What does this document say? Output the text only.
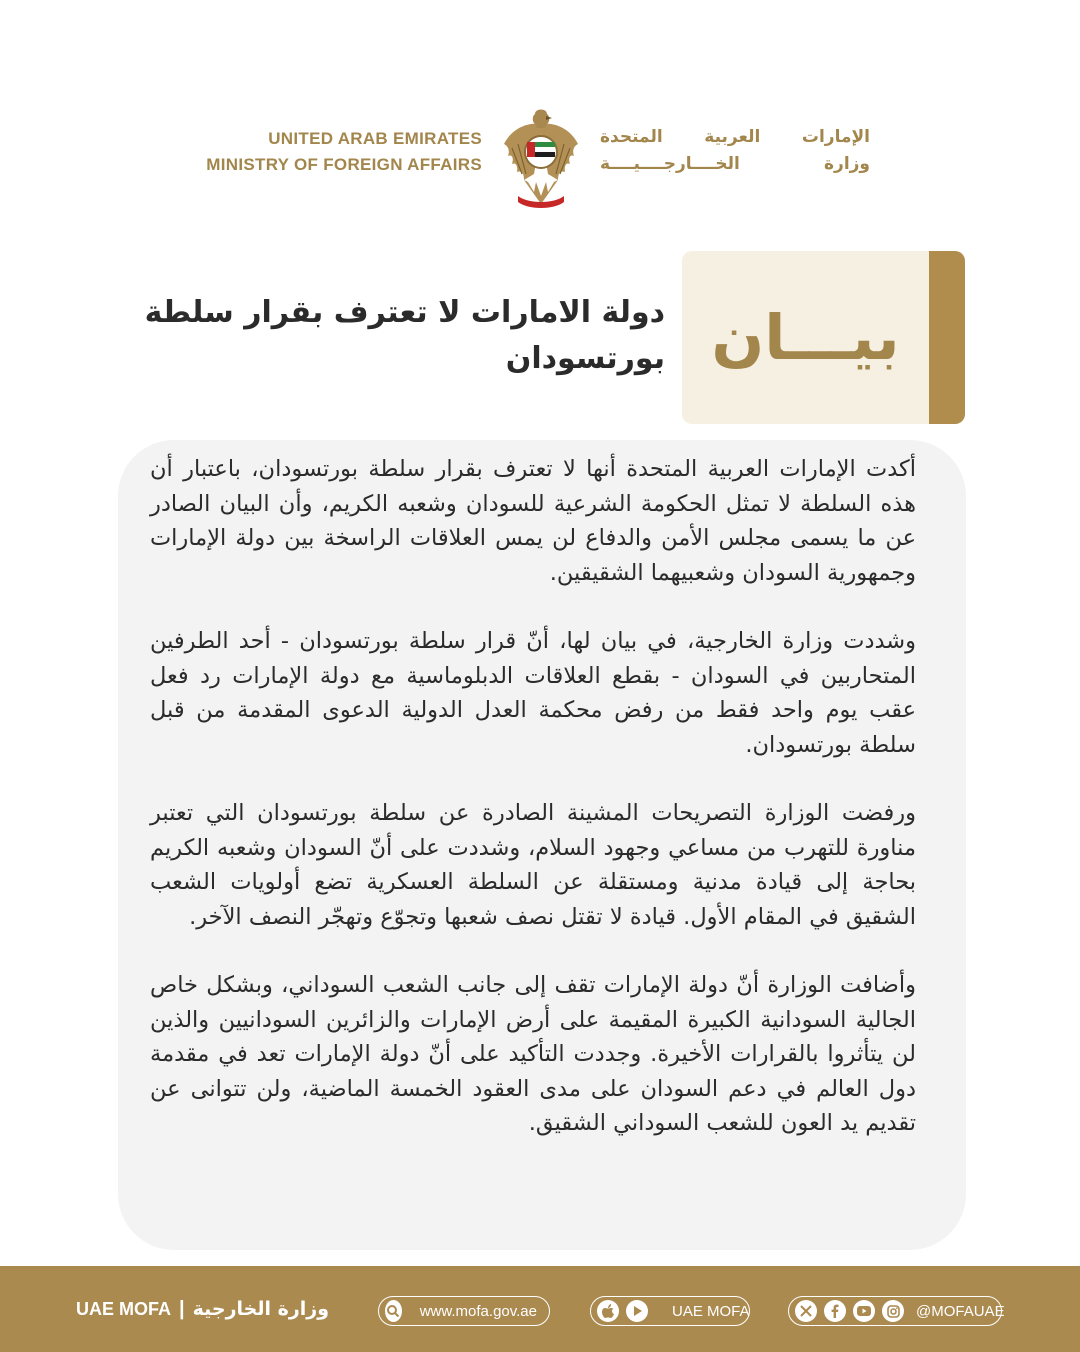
UNITED ARAB EMIRATES
MINISTRY OF FOREIGN AFFAIRS
الإمارات العربية المتحدة
وزارة الخــــارجــــيــــة
بيـــان
دولة الامارات لا تعترف بقرار سلطة بورتسودان

أكدت الإمارات العربية المتحدة أنها لا تعترف بقرار سلطة بورتسودان، باعتبار أن هذه السلطة لا تمثل الحكومة الشرعية للسودان وشعبه الكريم، وأن البيان الصادر عن ما يسمى مجلس الأمن والدفاع لن يمس العلاقات الراسخة بين دولة الإمارات وجمهورية السودان وشعبيهما الشقيقين.

وشددت وزارة الخارجية، في بيان لها، أنّ قرار سلطة بورتسودان - أحد الطرفين المتحاربين في السودان - بقطع العلاقات الدبلوماسية مع دولة الإمارات رد فعل عقب يوم واحد فقط من رفض محكمة العدل الدولية الدعوى المقدمة من قبل سلطة بورتسودان.

ورفضت الوزارة التصريحات المشينة الصادرة عن سلطة بورتسودان التي تعتبر مناورة للتهرب من مساعي وجهود السلام، وشددت على أنّ السودان وشعبه الكريم بحاجة إلى قيادة مدنية ومستقلة عن السلطة العسكرية تضع أولويات الشعب الشقيق في المقام الأول. قيادة لا تقتل نصف شعبها وتجوّع وتهجّر النصف الآخر.

وأضافت الوزارة أنّ دولة الإمارات تقف إلى جانب الشعب السوداني، وبشكل خاص الجالية السودانية الكبيرة المقيمة على أرض الإمارات والزائرين السودانيين والذين لن يتأثروا بالقرارات الأخيرة. وجددت التأكيد على أنّ دولة الإمارات تعد في مقدمة دول العالم في دعم السودان على مدى العقود الخمسة الماضية، ولن تتوانى عن تقديم يد العون للشعب السوداني الشقيق.

UAE MOFA | وزارة الخارجية	www.mofa.gov.ae	UAE MOFA	@MOFAUAE
